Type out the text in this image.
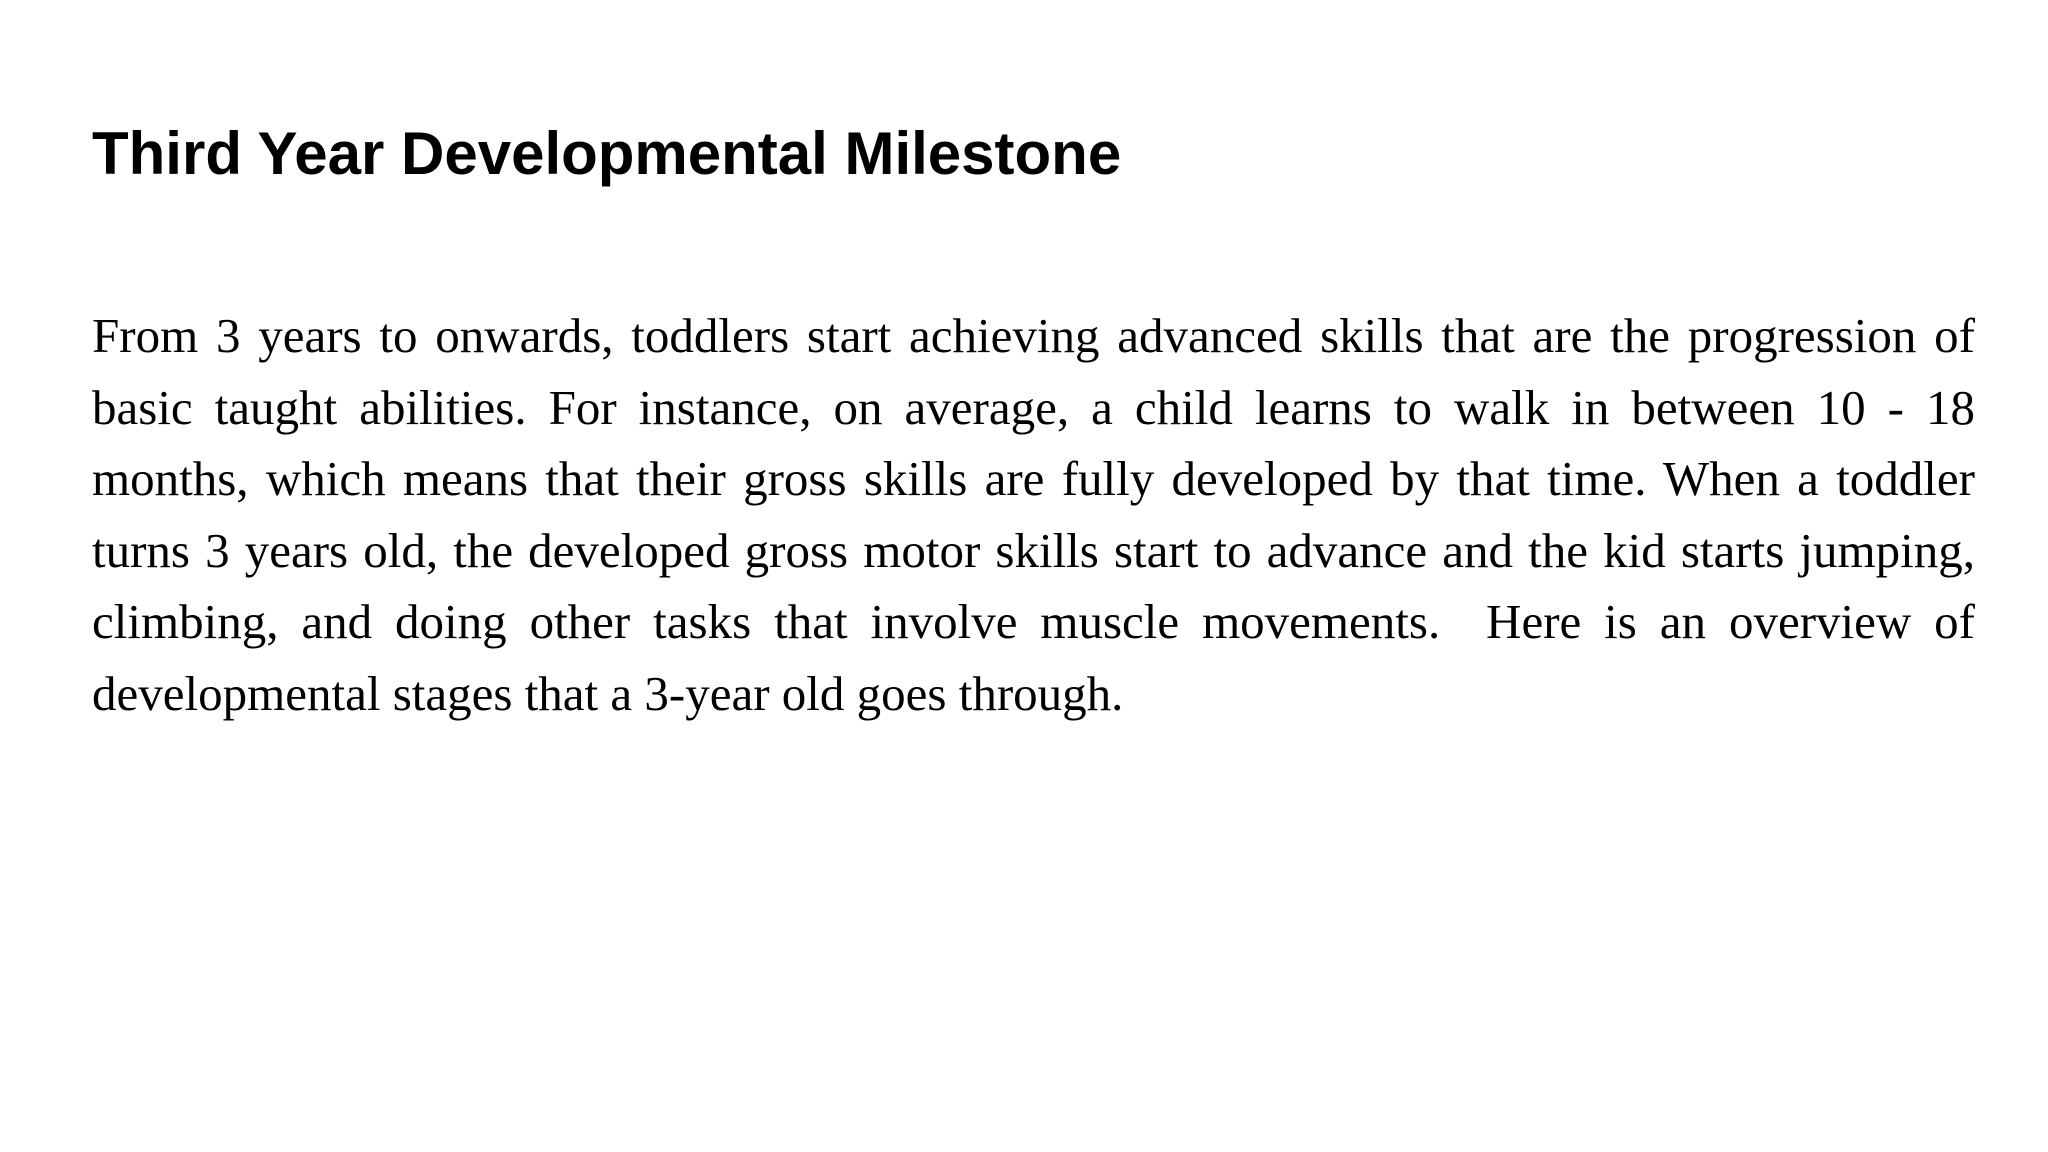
Third Year Developmental Milestone

From 3 years to onwards, toddlers start achieving advanced skills that are the progression of basic taught abilities. For instance, on average, a child learns to walk in between 10 - 18 months, which means that their gross skills are fully developed by that time. When a toddler turns 3 years old, the developed gross motor skills start to advance and the kid starts jumping, climbing, and doing other tasks that involve muscle movements.  Here is an overview of developmental stages that a 3-year old goes through.
